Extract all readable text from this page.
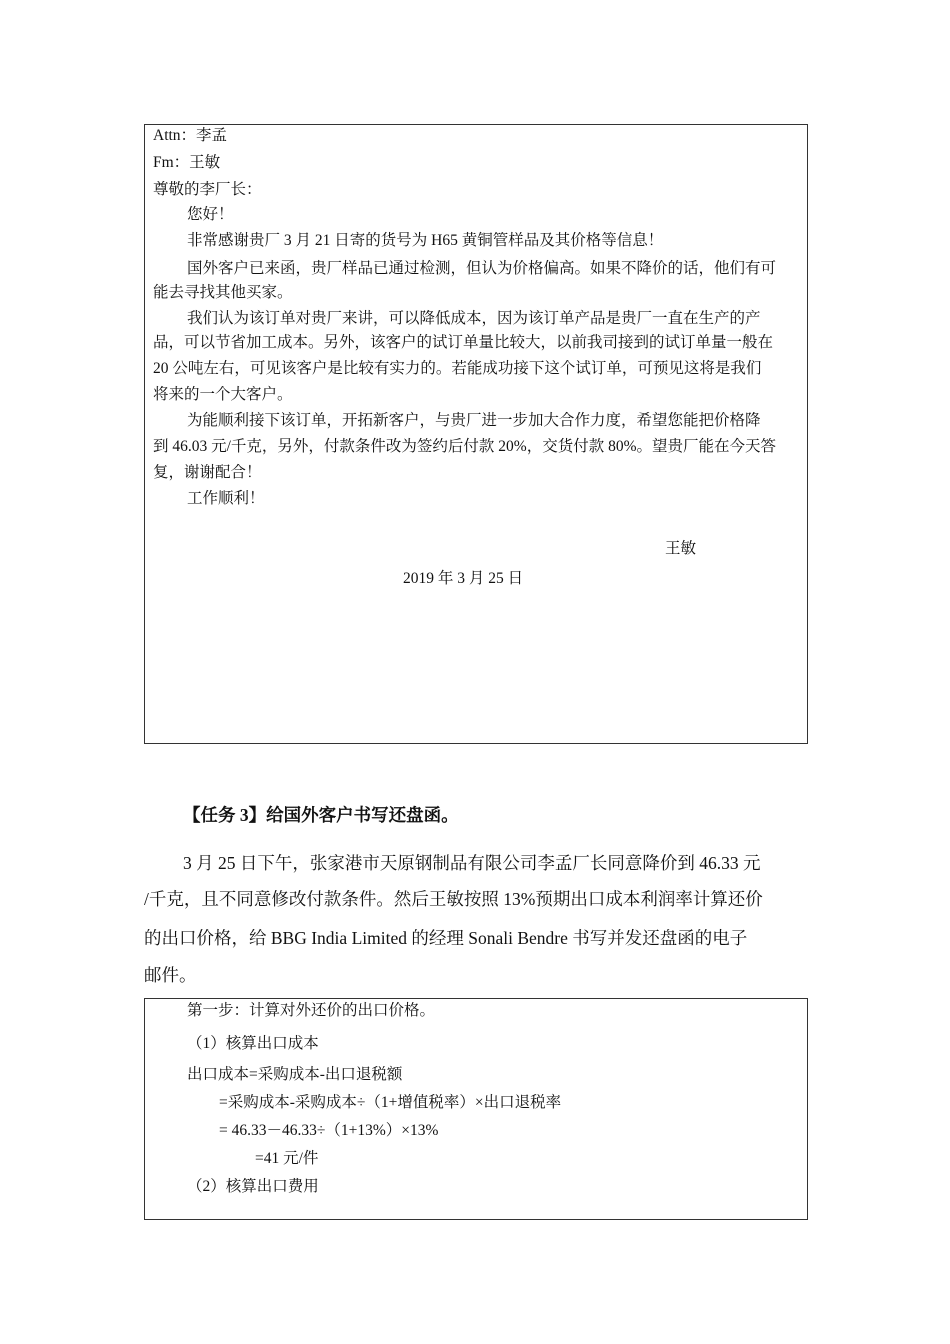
Attn：李孟
Fm：王敏
尊敬的李厂长：
您好！
非常感谢贵厂 3 月 21 日寄的货号为 H65 黄铜管样品及其价格等信息！
国外客户已来函，贵厂样品已通过检测，但认为价格偏高。如果不降价的话，他们有可
能去寻找其他买家。
我们认为该订单对贵厂来讲，可以降低成本，因为该订单产品是贵厂一直在生产的产
品，可以节省加工成本。另外，该客户的试订单量比较大，以前我司接到的试订单量一般在
20 公吨左右，可见该客户是比较有实力的。若能成功接下这个试订单，可预见这将是我们
将来的一个大客户。
为能顺利接下该订单，开拓新客户，与贵厂进一步加大合作力度，希望您能把价格降
到 46.03 元/千克，另外，付款条件改为签约后付款 20%，交货付款 80%。望贵厂能在今天答
复，谢谢配合！
工作顺利！
王敏
2019 年 3 月 25 日
【任务 3】给国外客户书写还盘函。
3 月 25 日下午，张家港市天原钢制品有限公司李孟厂长同意降价到 46.33 元
/千克，且不同意修改付款条件。然后王敏按照 13%预期出口成本利润率计算还价
的出口价格，给 BBG India Limited 的经理 Sonali Bendre 书写并发还盘函的电子
邮件。
第一步：计算对外还价的出口价格。
（1）核算出口成本
出口成本=采购成本-出口退税额
=采购成本-采购成本÷（1+增值税率）×出口退税率
= 46.33－46.33÷（1+13%）×13%
=41 元/件
（2）核算出口费用
